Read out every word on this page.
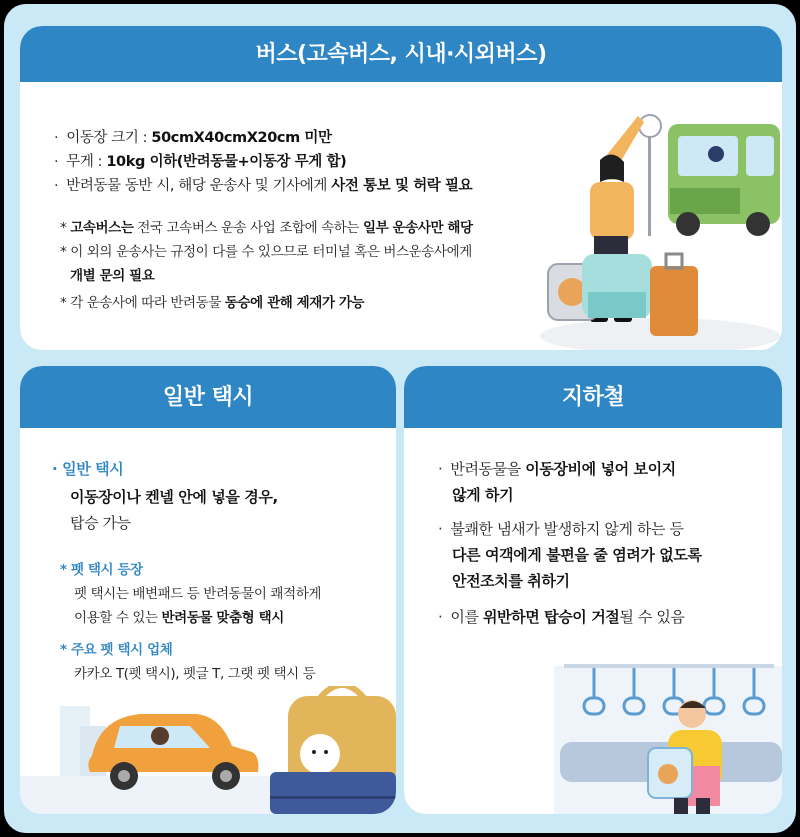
버스(고속버스, 시내·시외버스)
· 이동장 크기 : 50cmX40cmX20cm 미만
· 무게 : 10kg 이하(반려동물+이동장 무게 합)
· 반려동물 동반 시, 해당 운송사 및 기사에게 사전 통보 및 허락 필요
* 고속버스는 전국 고속버스 운송 사업 조합에 속하는 일부 운송사만 해당
* 이 외의 운송사는 규정이 다를 수 있으므로 터미널 혹은 버스운송사에게
개별 문의 필요
* 각 운송사에 따라 반려동물 동승에 관해 제재가 가능
일반 택시
· 일반 택시
이동장이나 켄넬 안에 넣을 경우,
탑승 가능
* 펫 택시 등장
펫 택시는 배변패드 등 반려동물이 쾌적하게
이용할 수 있는 반려동물 맞춤형 택시
* 주요 펫 택시 업체
카카오 T(펫 택시), 펫글 T, 그랫 펫 택시 등
지하철
· 반려동물을 이동장비에 넣어 보이지
않게 하기
· 불쾌한 냄새가 발생하지 않게 하는 등
다른 여객에게 불편을 줄 염려가 없도록
안전조치를 취하기
· 이를 위반하면 탑승이 거절될 수 있음
